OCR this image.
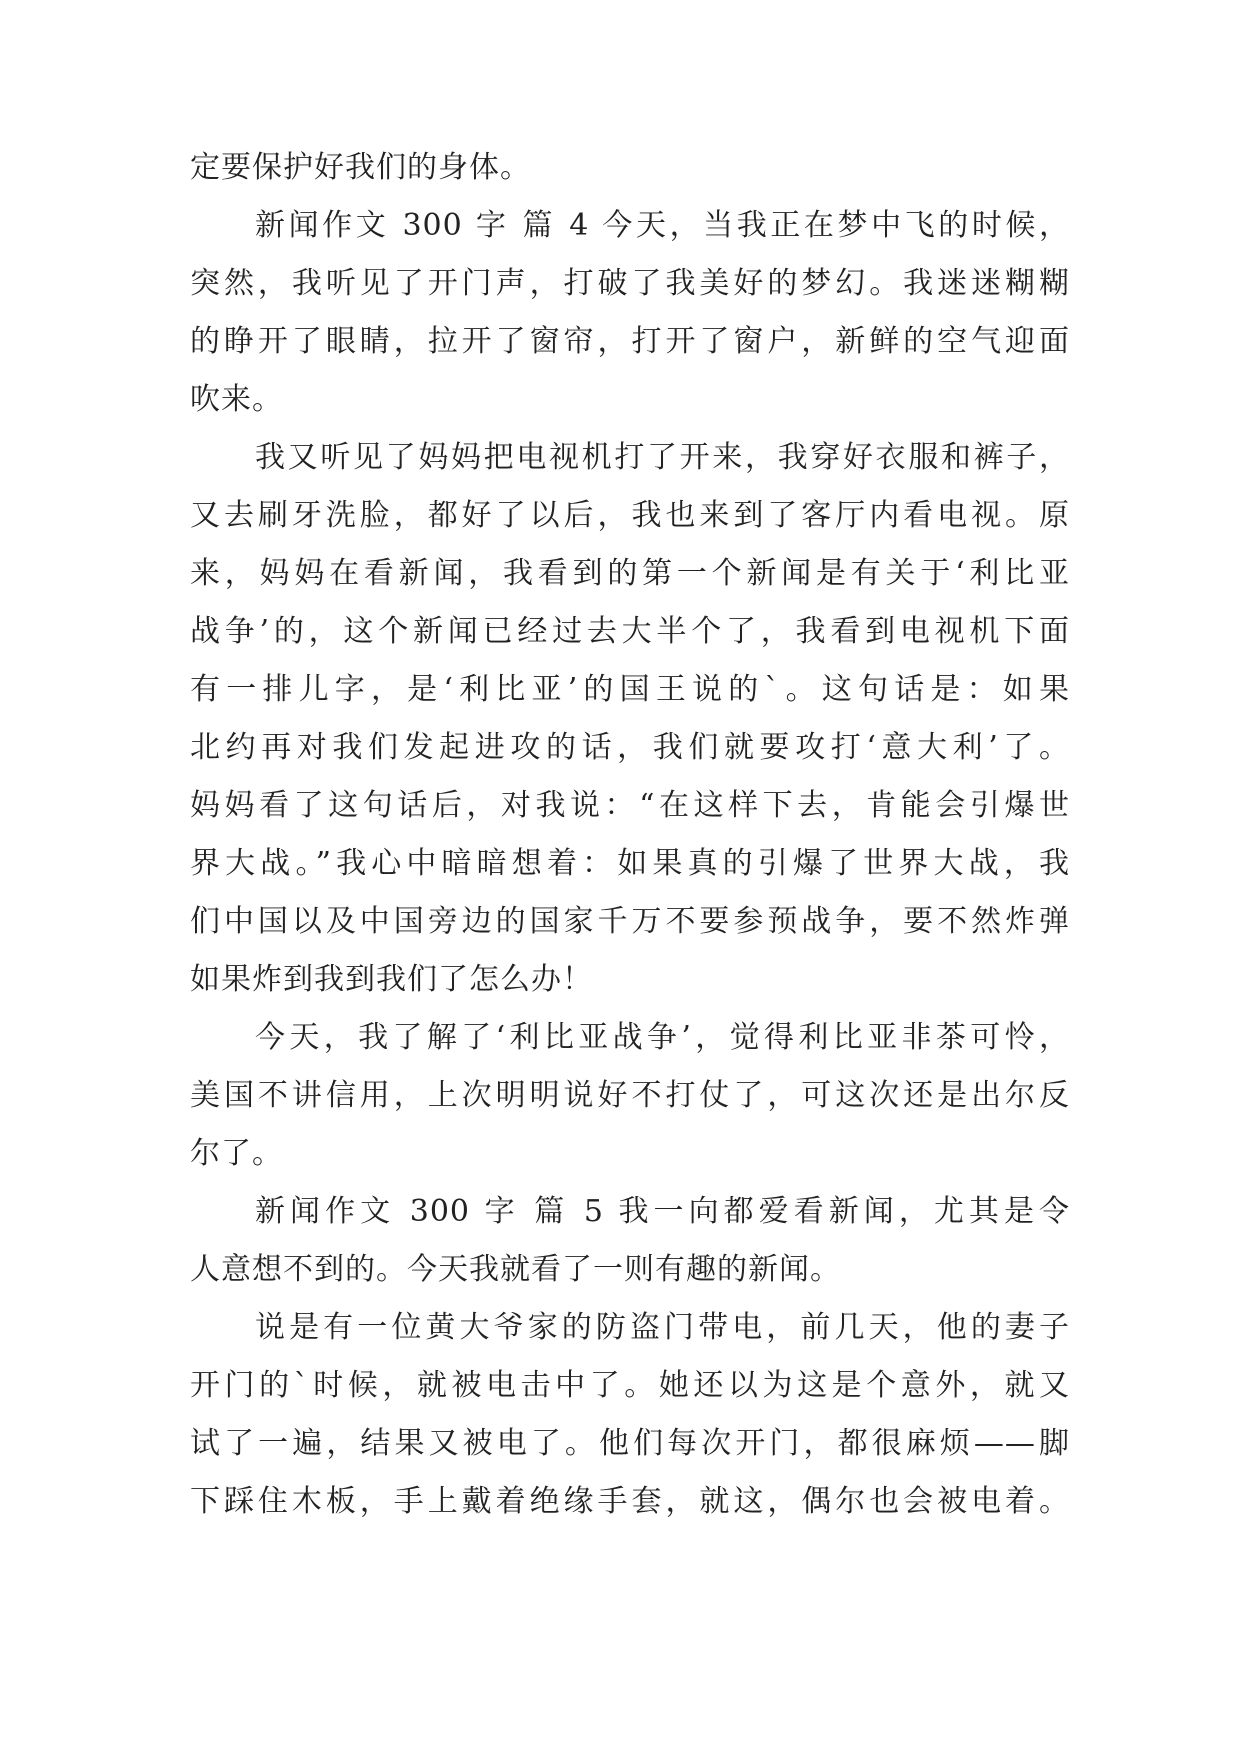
定要保护好我们的身体。
新闻作文 300 字 篇 4 今天，当我正在梦中飞的时候，
突然，我听见了开门声，打破了我美好的梦幻。我迷迷糊糊
的睁开了眼睛，拉开了窗帘，打开了窗户，新鲜的空气迎面
吹来。
我又听见了妈妈把电视机打了开来，我穿好衣服和裤子，
又去刷牙洗脸，都好了以后，我也来到了客厅内看电视。原
来，妈妈在看新闻，我看到的第一个新闻是有关于‘利比亚
战争’的，这个新闻已经过去大半个了，我看到电视机下面
有一排儿字，是‘利比亚’的国王说的`。这句话是：如果
北约再对我们发起进攻的话，我们就要攻打‘意大利’了。
妈妈看了这句话后，对我说：“在这样下去，肯能会引爆世
界大战。”我心中暗暗想着：如果真的引爆了世界大战，我
们中国以及中国旁边的国家千万不要参预战争，要不然炸弹
如果炸到我到我们了怎么办！
今天，我了解了‘利比亚战争’，觉得利比亚非茶可怜，
美国不讲信用，上次明明说好不打仗了，可这次还是出尔反
尔了。
新闻作文 300 字 篇 5 我一向都爱看新闻，尤其是令
人意想不到的。今天我就看了一则有趣的新闻。
说是有一位黄大爷家的防盗门带电，前几天，他的妻子
开门的`时候，就被电击中了。她还以为这是个意外，就又
试了一遍，结果又被电了。他们每次开门，都很麻烦——脚
下踩住木板，手上戴着绝缘手套，就这，偶尔也会被电着。
